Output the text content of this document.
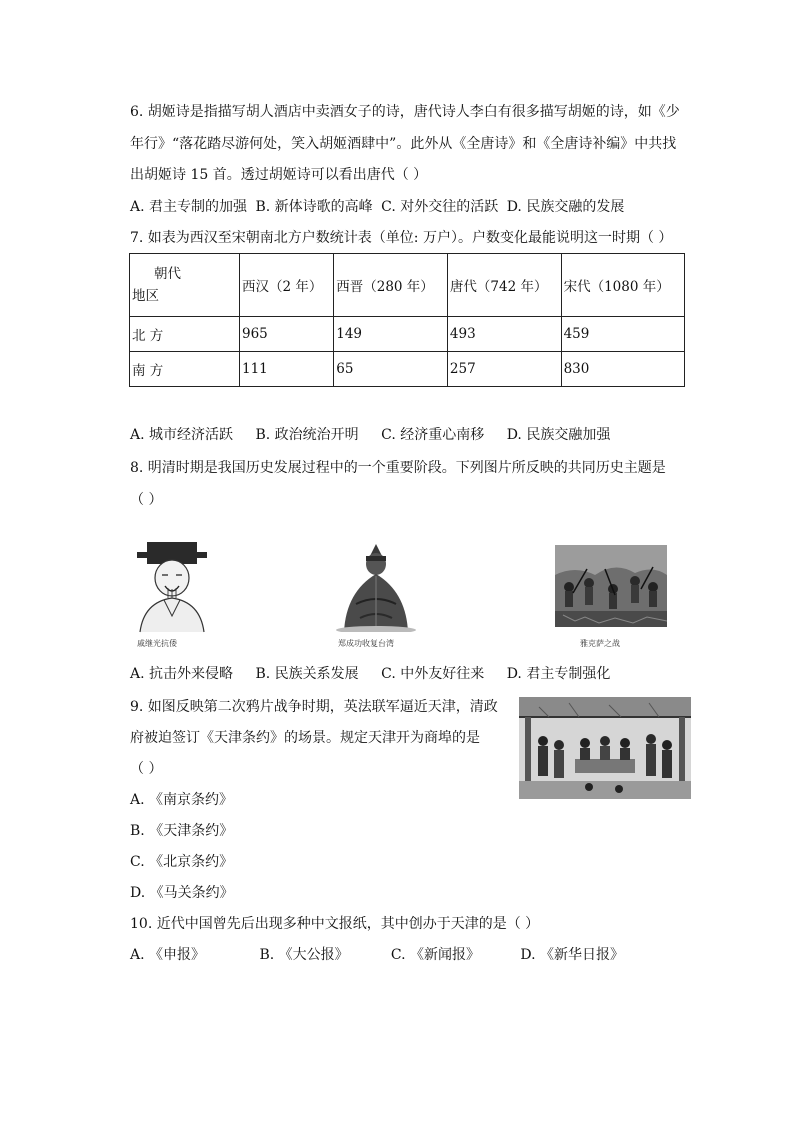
6. 胡姬诗是指描写胡人酒店中卖酒女子的诗，唐代诗人李白有很多描写胡姬的诗，如《少
年行》“落花踏尽游何处，笑入胡姬酒肆中”。此外从《全唐诗》和《全唐诗补编》中共找
出胡姬诗 15 首。透过胡姬诗可以看出唐代（ ）
A. 君主专制的加强 B. 新体诗歌的高峰 C. 对外交往的活跃 D. 民族交融的发展
7. 如表为西汉至宋朝南北方户数统计表（单位: 万户）。户数变化最能说明这一时期（ ）
朝代
地区	西汉（2 年）	西晋（280 年）	唐代（742 年）	宋代（1080 年）
北 方	965	149	493	459
南 方	111	65	257	830
A. 城市经济活跃 B. 政治统治开明 C. 经济重心南移 D. 民族交融加强
8. 明清时期是我国历史发展过程中的一个重要阶段。下列图片所反映的共同历史主题是
（ ）
戚继光抗倭	郑成功收复台湾	雅克萨之战
A. 抗击外来侵略 B. 民族关系发展 C. 中外友好往来 D. 君主专制强化
9. 如图反映第二次鸦片战争时期，英法联军逼近天津，清政
府被迫签订《天津条约》的场景。规定天津开为商埠的是
（ ）
A. 《南京条约》
B. 《天津条约》
C. 《北京条约》
D. 《马关条约》
10. 近代中国曾先后出现多种中文报纸，其中创办于天津的是（ ）
A. 《申报》	B. 《大公报》	C. 《新闻报》	D. 《新华日报》
